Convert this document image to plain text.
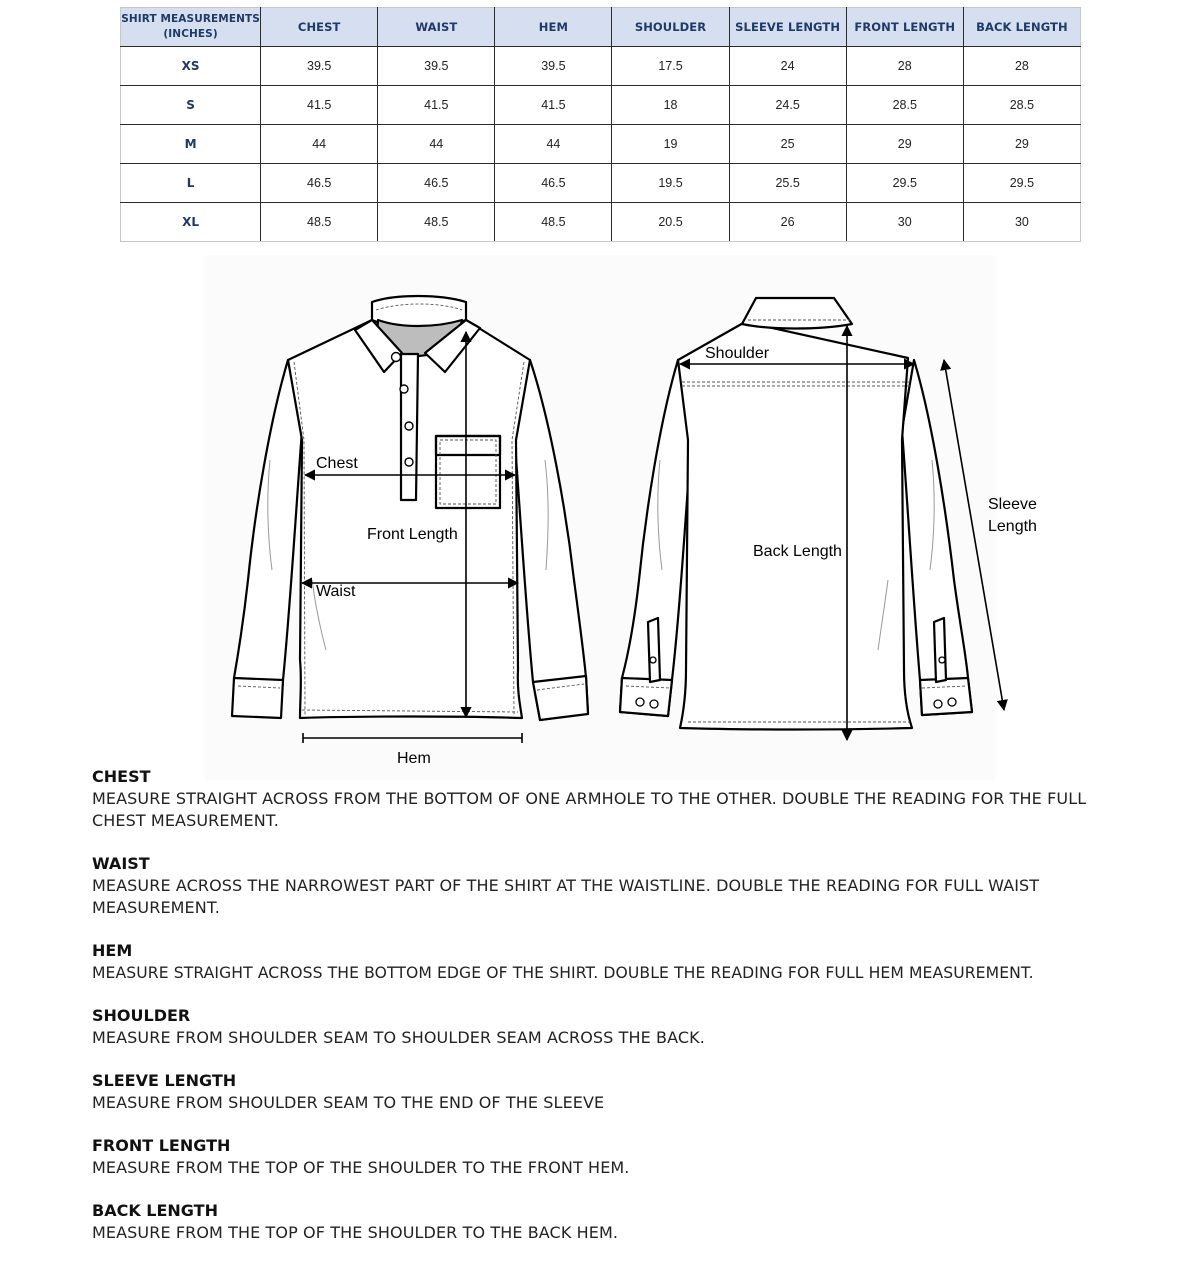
SHIRT MEASUREMENTS (INCHES)	CHEST	WAIST	HEM	SHOULDER	SLEEVE LENGTH	FRONT LENGTH	BACK LENGTH
XS	39.5	39.5	39.5	17.5	24	28	28
S	41.5	41.5	41.5	18	24.5	28.5	28.5
M	44	44	44	19	25	29	29
L	46.5	46.5	46.5	19.5	25.5	29.5	29.5
XL	48.5	48.5	48.5	20.5	26	30	30
Chest
Waist
Front Length
Hem
Shoulder
Back Length
Sleeve Length
CHEST
MEASURE STRAIGHT ACROSS FROM THE BOTTOM OF ONE ARMHOLE TO THE OTHER. DOUBLE THE READING FOR THE FULL CHEST MEASUREMENT.
WAIST
MEASURE ACROSS THE NARROWEST PART OF THE SHIRT AT THE WAISTLINE. DOUBLE THE READING FOR FULL WAIST MEASUREMENT.
HEM
MEASURE STRAIGHT ACROSS THE BOTTOM EDGE OF THE SHIRT. DOUBLE THE READING FOR FULL HEM MEASUREMENT.
SHOULDER
MEASURE FROM SHOULDER SEAM TO SHOULDER SEAM ACROSS THE BACK.
SLEEVE LENGTH
MEASURE FROM SHOULDER SEAM TO THE END OF THE SLEEVE
FRONT LENGTH
MEASURE FROM THE TOP OF THE SHOULDER TO THE FRONT HEM.
BACK LENGTH
MEASURE FROM THE TOP OF THE SHOULDER TO THE BACK HEM.
